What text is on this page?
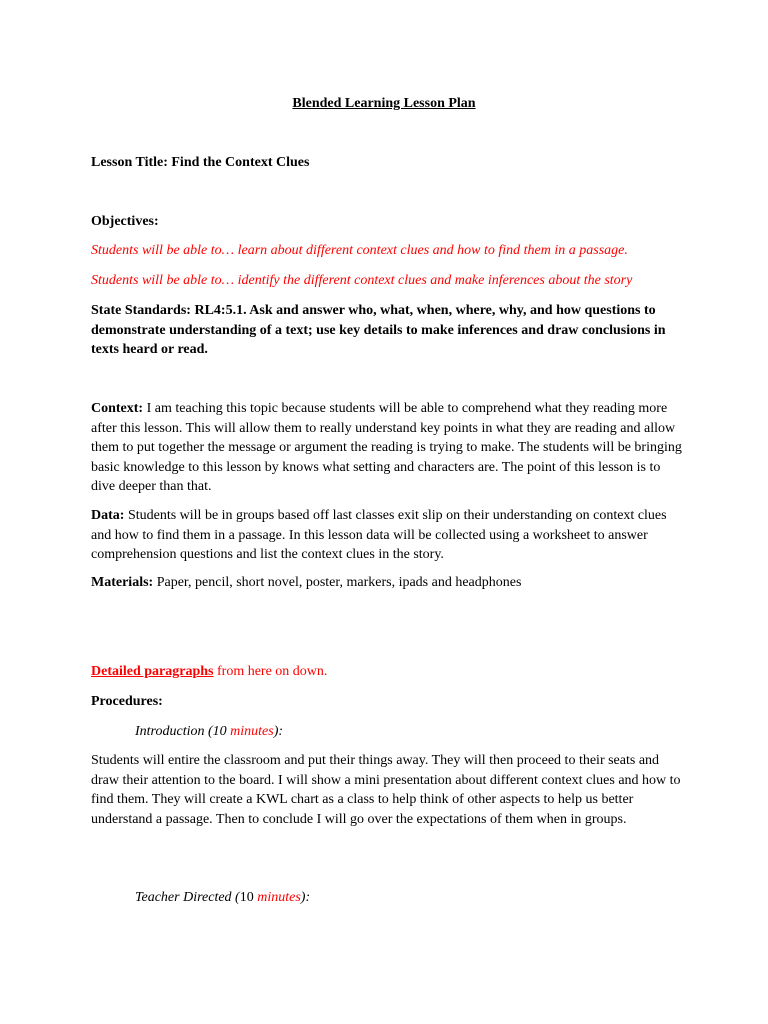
Blended Learning Lesson Plan
Lesson Title: Find the Context Clues
Objectives:
Students will be able to… learn about different context clues and how to find them in a passage.
Students will be able to… identify the different context clues and make inferences about the story
State Standards: RL4:5.1. Ask and answer who, what, when, where, why, and how questions to demonstrate understanding of a text; use key details to make inferences and draw conclusions in texts heard or read.
Context: I am teaching this topic because students will be able to comprehend what they reading more after this lesson. This will allow them to really understand key points in what they are reading and allow them to put together the message or argument the reading is trying to make. The students will be bringing basic knowledge to this lesson by knows what setting and characters are. The point of this lesson is to dive deeper than that.
Data: Students will be in groups based off last classes exit slip on their understanding on context clues and how to find them in a passage. In this lesson data will be collected using a worksheet to answer comprehension questions and list the context clues in the story.
Materials: Paper, pencil, short novel, poster, markers, ipads and headphones
Detailed paragraphs from here on down.
Procedures:
Introduction (10 minutes):
Students will entire the classroom and put their things away. They will then proceed to their seats and draw their attention to the board. I will show a mini presentation about different context clues and how to find them. They will create a KWL chart as a class to help think of other aspects to help us better understand a passage. Then to conclude I will go over the expectations of them when in groups.
Teacher Directed (10 minutes):
